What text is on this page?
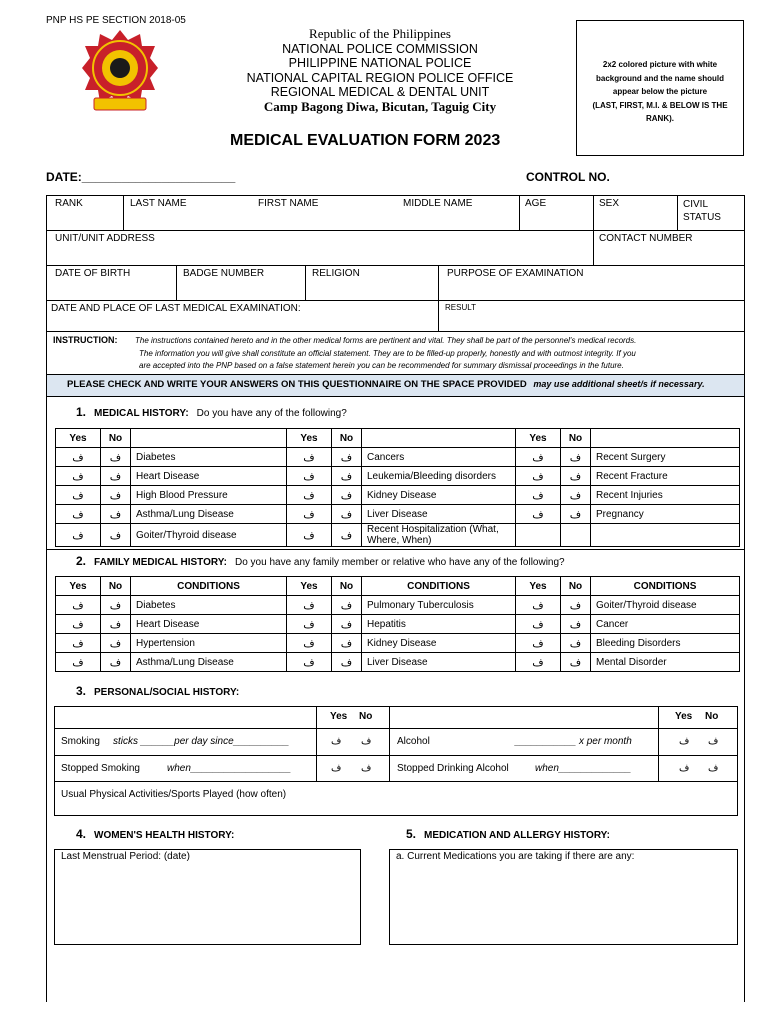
PNP HS PE SECTION 2018-05
Republic of the Philippines
NATIONAL POLICE COMMISSION
PHILIPPINE NATIONAL POLICE
NATIONAL CAPITAL REGION POLICE OFFICE
REGIONAL MEDICAL & DENTAL UNIT
Camp Bagong Diwa, Bicutan, Taguig City
MEDICAL EVALUATION FORM 2023
2x2 colored picture with white background and the name should appear below the picture
(LAST, FIRST, M.I. & BELOW IS THE RANK).
DATE:_______________________	CONTROL NO.
RANK	LAST NAME	FIRST NAME	MIDDLE NAME	AGE	SEX	CIVIL
STATUS
UNIT/UNIT ADDRESS	CONTACT NUMBER
DATE OF BIRTH	BADGE NUMBER	RELIGION	PURPOSE OF EXAMINATION
DATE AND PLACE OF LAST MEDICAL EXAMINATION:	RESULT
INSTRUCTION: The instructions contained hereto and in the other medical forms are pertinent and vital. They shall be part of the personnel's medical records.
The information you will give shall constitute an official statement. They are to be filled-up properly, honestly and with outmost integrity. If you
are accepted into the PNP based on a false statement herein you can be recommended for summary dismissal proceedings in the future.
PLEASE CHECK AND WRITE YOUR ANSWERS ON THIS QUESTIONNAIRE ON THE SPACE PROVIDED may use additional sheet/s if necessary.
1. MEDICAL HISTORY: Do you have any of the following?
Yes	No		Yes	No		Yes	No	
ف	ف	Diabetes	ف	ف	Cancers	ف	ف	Recent Surgery
ف	ف	Heart Disease	ف	ف	Leukemia/Bleeding disorders	ف	ف	Recent Fracture
ف	ف	High Blood Pressure	ف	ف	Kidney Disease	ف	ف	Recent Injuries
ف	ف	Asthma/Lung Disease	ف	ف	Liver Disease	ف	ف	Pregnancy
ف	ف	Goiter/Thyroid disease	ف	ف	Recent Hospitalization (What, Where, When)			
2. FAMILY MEDICAL HISTORY: Do you have any family member or relative who have any of the following?
Yes	No	CONDITIONS	Yes	No	CONDITIONS	Yes	No	CONDITIONS
ف	ف	Diabetes	ف	ف	Pulmonary Tuberculosis	ف	ف	Goiter/Thyroid disease
ف	ف	Heart Disease	ف	ف	Hepatitis	ف	ف	Cancer
ف	ف	Hypertension	ف	ف	Kidney Disease	ف	ف	Bleeding Disorders
ف	ف	Asthma/Lung Disease	ف	ف	Liver Disease	ف	ف	Mental Disorder
3. PERSONAL/SOCIAL HISTORY:
Yes No	Yes No
Smoking sticks ______per day since__________	ف ف	Alcohol	___________ x per month	ف ف
Stopped Smoking	when__________________	ف ف	Stopped Drinking Alcohol	when_____________	ف ف
Usual Physical Activities/Sports Played (how often)
4. WOMEN'S HEALTH HISTORY:	5. MEDICATION AND ALLERGY HISTORY:
Last Menstrual Period: (date)	a. Current Medications you are taking if there are any:
